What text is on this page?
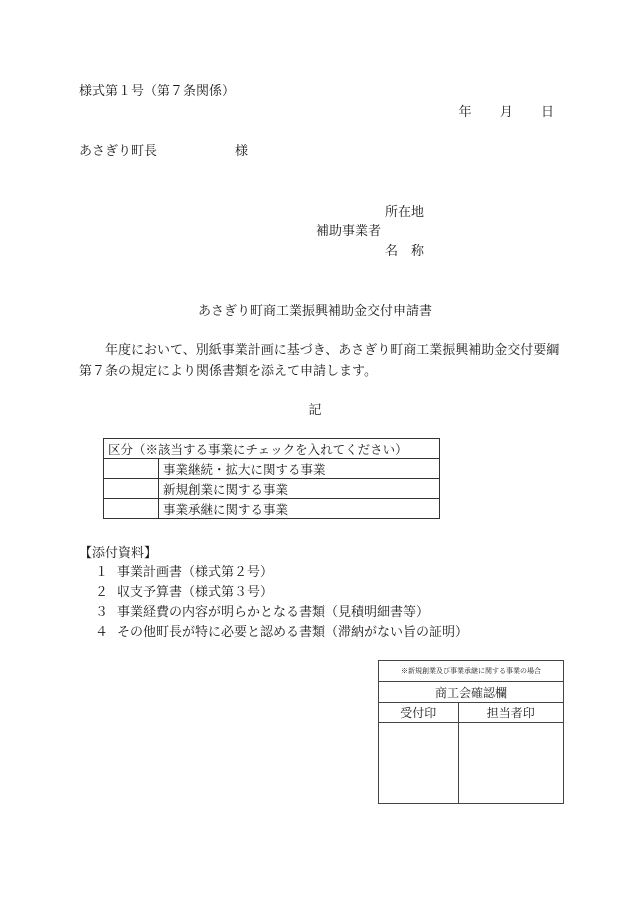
様式第１号（第７条関係）
年 月 日
あさぎり町長	様
所在地
補助事業者
名　称
あさぎり町商工業振興補助金交付申請書
年度において、別紙事業計画に基づき、あさぎり町商工業振興補助金交付要綱第７条の規定により関係書類を添えて申請します。
記
区分（※該当する事業にチェックを入れてください）	
	事業継続・拡大に関する事業
	新規創業に関する事業
	事業承継に関する事業
【添付資料】
１ 事業計画書（様式第２号）
２ 収支予算書（様式第３号）
３ 事業経費の内容が明らかとなる書類（見積明細書等）
４ その他町長が特に必要と認める書類（滞納がない旨の証明）
※新規創業及び事業承継に関する事業の場合	
商工会確認欄	
受付印	担当者印
